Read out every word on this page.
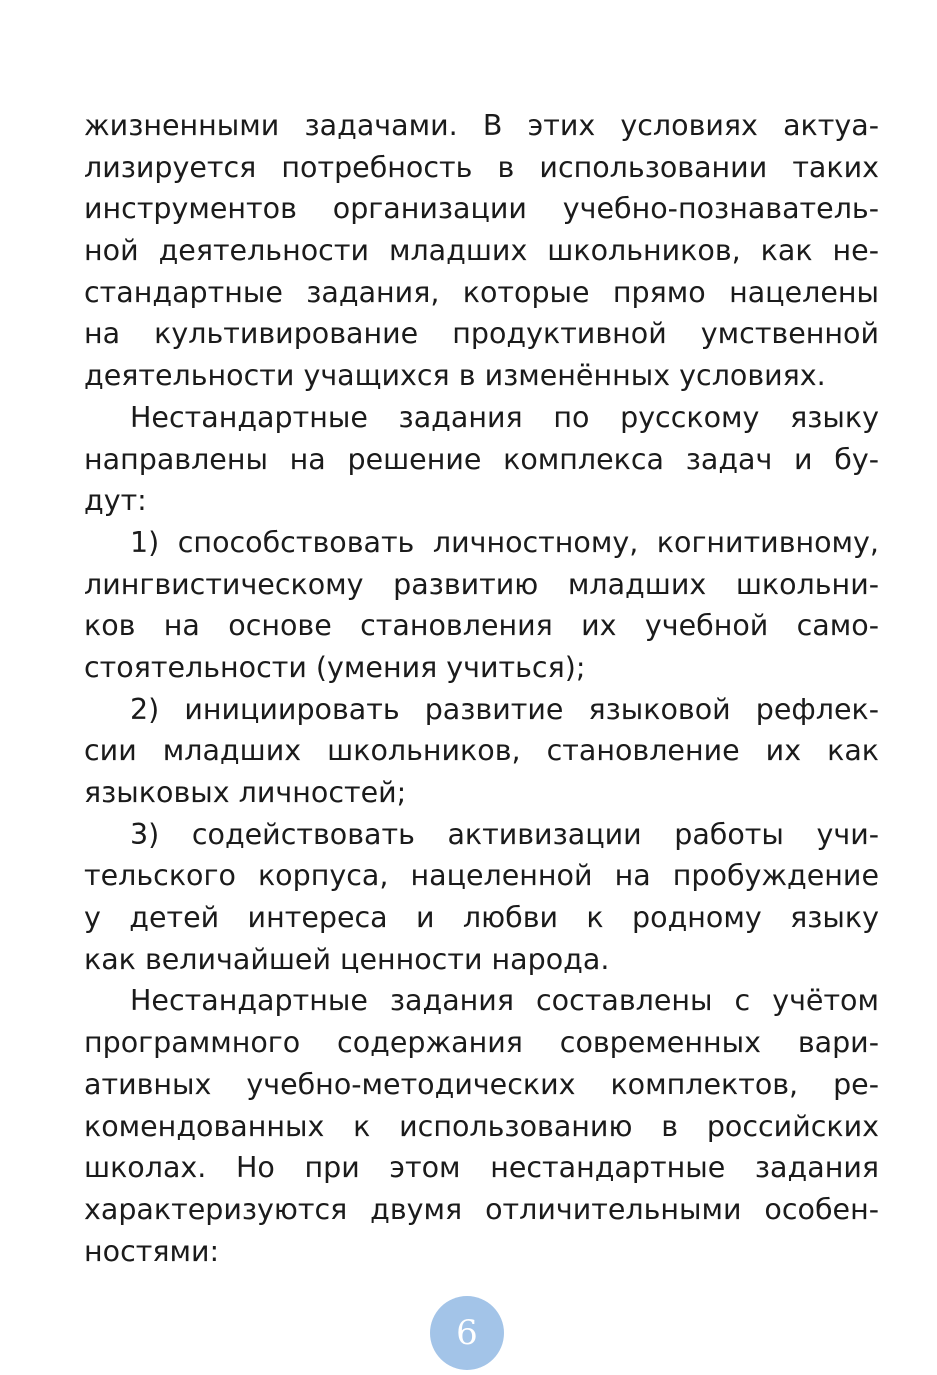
жизненными задачами. В этих условиях актуа-
лизируется потребность в использовании таких
инструментов организации учебно-познаватель-
ной деятельности младших школьников, как не-
стандартные задания, которые прямо нацелены
на культивирование продуктивной умственной
деятельности учащихся в изменённых условиях.
Нестандартные задания по русскому языку
направлены на решение комплекса задач и бу-
дут:
1) способствовать личностному, когнитивному,
лингвистическому развитию младших школьни-
ков на основе становления их учебной само-
стоятельности (умения учиться);
2) инициировать развитие языковой рефлек-
сии младших школьников, становление их как
языковых личностей;
3) содействовать активизации работы учи-
тельского корпуса, нацеленной на пробуждение
у детей интереса и любви к родному языку
как величайшей ценности народа.
Нестандартные задания составлены с учётом
программного содержания современных вари-
ативных учебно-методических комплектов, ре-
комендованных к использованию в российских
школах. Но при этом нестандартные задания
характеризуются двумя отличительными особен-
ностями:
6
